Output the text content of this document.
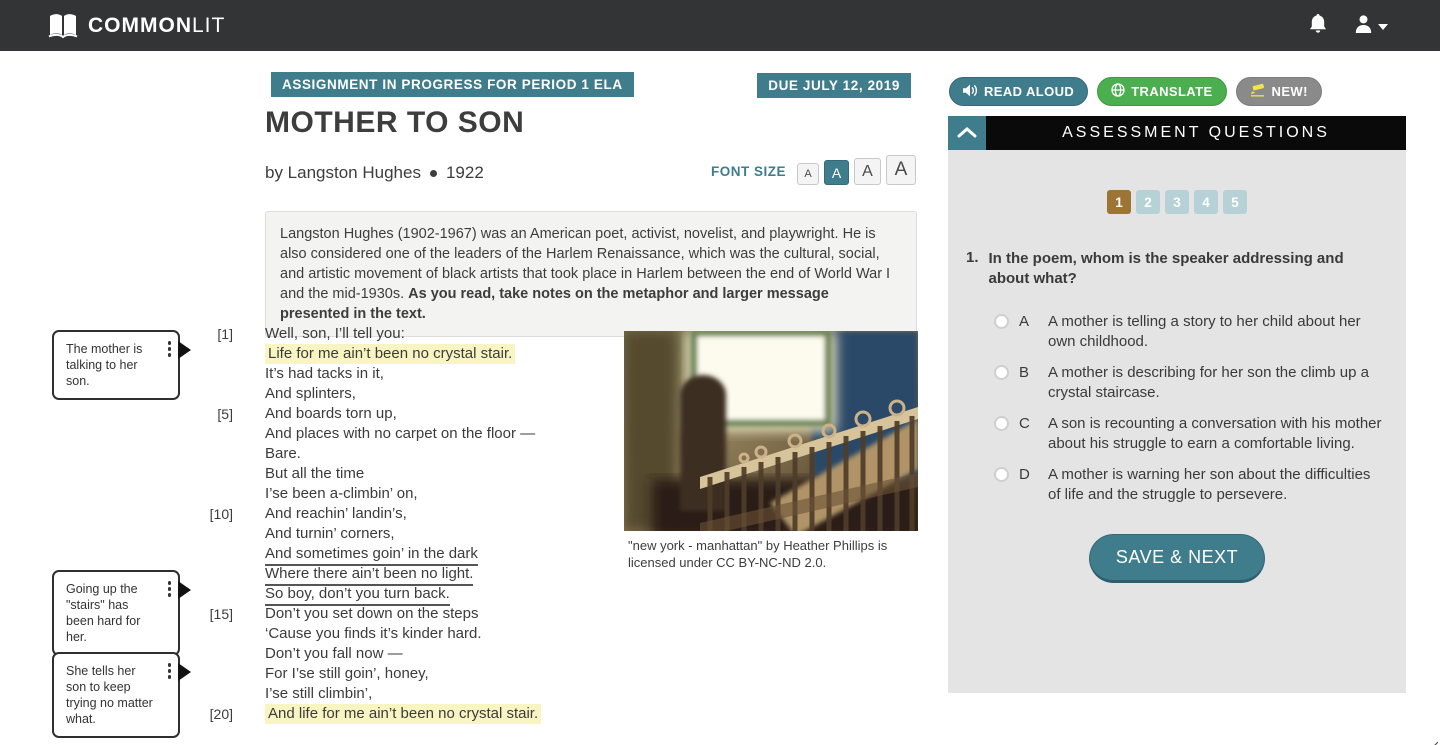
COMMONLIT
ASSIGNMENT IN PROGRESS FOR PERIOD 1 ELA	DUE JULY 12, 2019
MOTHER TO SON
by Langston Hughes 1922	FONT SIZE	A	A	A	A
Langston Hughes (1902-1967) was an American poet, activist, novelist, and playwright. He is also considered one of the leaders of the Harlem Renaissance, which was the cultural, social, and artistic movement of black artists that took place in Harlem between the end of World War I and the mid-1930s. As you read, take notes on the metaphor and larger message presented in the text.
[1] Well, son, I’ll tell you:
Life for me ain’t been no crystal stair.
It’s had tacks in it,
And splinters,
[5] And boards torn up,
And places with no carpet on the floor —
Bare.
But all the time
I’se been a-climbin’ on,
[10] And reachin’ landin’s,
And turnin’ corners,
And sometimes goin’ in the dark
Where there ain’t been no light.
So boy, don’t you turn back.
[15] Don’t you set down on the steps
‘Cause you finds it’s kinder hard.
Don’t you fall now —
For I’se still goin’, honey,
I’se still climbin’,
[20] And life for me ain’t been no crystal stair.
"new york - manhattan" by Heather Phillips is licensed under CC BY-NC-ND 2.0.
The mother is talking to her son.
Going up the "stairs" has been hard for her.
She tells her son to keep trying no matter what.
READ ALOUD	TRANSLATE	NEW!
ASSESSMENT QUESTIONS
1	2	3	4	5
1. In the poem, whom is the speaker addressing and about what?
A	A mother is telling a story to her child about her own childhood.
B	A mother is describing for her son the climb up a crystal staircase.
C	A son is recounting a conversation with his mother about his struggle to earn a comfortable living.
D	A mother is warning her son about the difficulties of life and the struggle to persevere.
SAVE & NEXT
